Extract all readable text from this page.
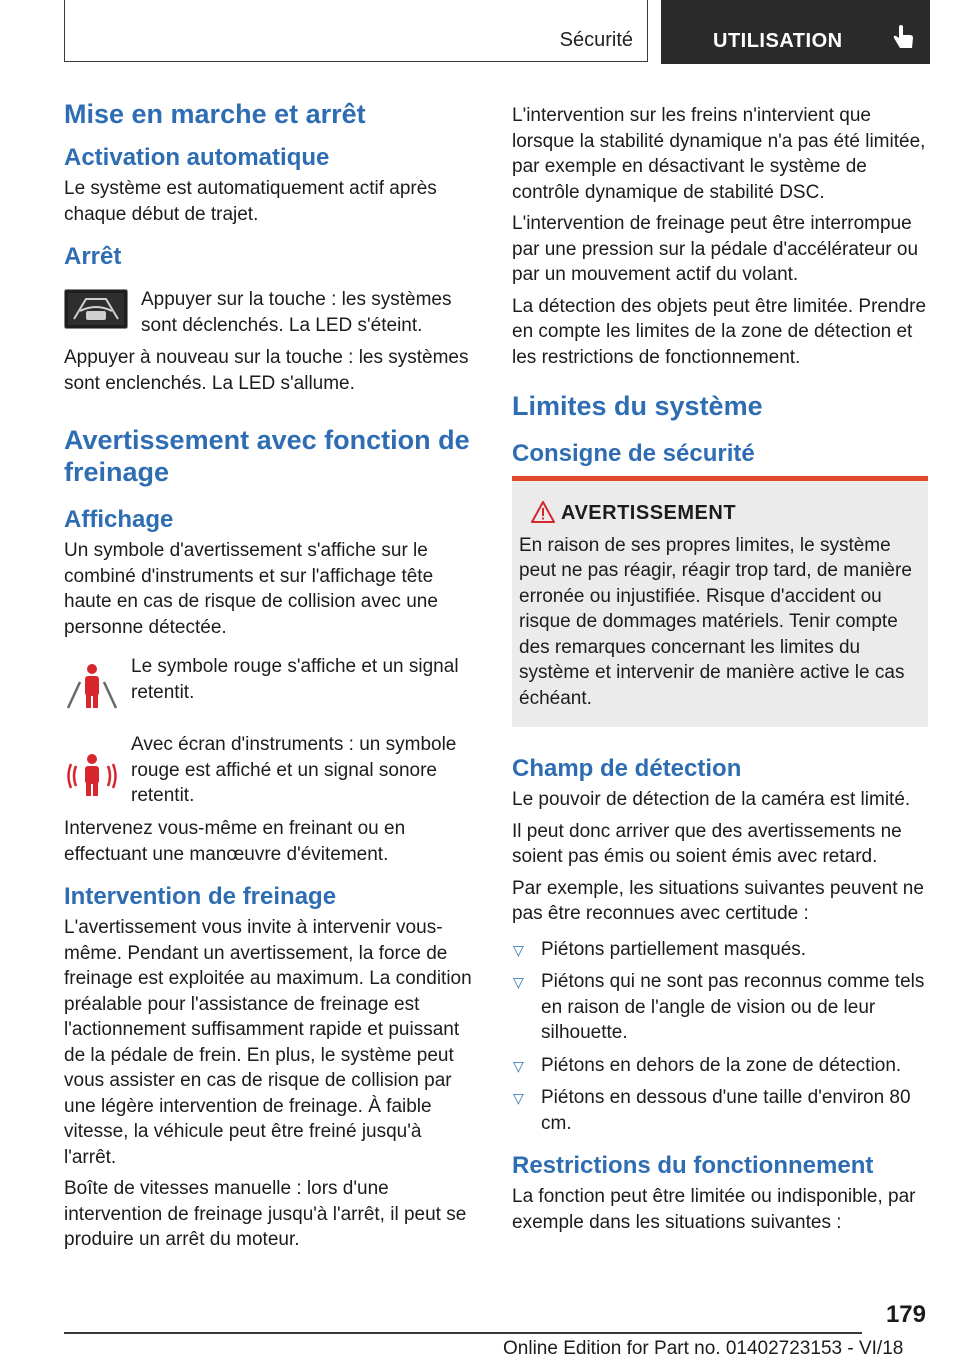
Sécurité	UTILISATION
Mise en marche et arrêt
Activation automatique

Le système est automatiquement actif après chaque début de trajet.

Arrêt

Appuyer sur la touche : les systèmes sont déclenchés. La LED s'éteint.

Appuyer à nouveau sur la touche : les systèmes sont enclenchés. La LED s'allume.

Avertissement avec fonction de freinage
Affichage

Un symbole d'avertissement s'affiche sur le combiné d'instruments et sur l'affichage tête haute en cas de risque de collision avec une personne détectée.

Le symbole rouge s'affiche et un signal retentit.

Avec écran d'instruments : un symbole rouge est affiché et un signal sonore retentit.

Intervenez vous-même en freinant ou en effectuant une manœuvre d'évitement.

Intervention de freinage

L'avertissement vous invite à intervenir vous-même. Pendant un avertissement, la force de freinage est exploitée au maximum. La condition préalable pour l'assistance de freinage est l'actionnement suffisamment rapide et puissant de la pédale de frein. En plus, le système peut vous assister en cas de risque de collision par une légère intervention de freinage. À faible vitesse, la véhicule peut être freiné jusqu'à l'arrêt.

Boîte de vitesses manuelle : lors d'une intervention de freinage jusqu'à l'arrêt, il peut se produire un arrêt du moteur.

L'intervention sur les freins n'intervient que lorsque la stabilité dynamique n'a pas été limitée, par exemple en désactivant le système de contrôle dynamique de stabilité DSC.

L'intervention de freinage peut être interrompue par une pression sur la pédale d'accélérateur ou par un mouvement actif du volant.

La détection des objets peut être limitée. Prendre en compte les limites de la zone de détection et les restrictions de fonctionnement.

Limites du système
Consigne de sécurité
AVERTISSEMENT

En raison de ses propres limites, le système peut ne pas réagir, réagir trop tard, de manière erronée ou injustifiée. Risque d'accident ou risque de dommages matériels. Tenir compte des remarques concernant les limites du système et intervenir de manière active le cas échéant.

Champ de détection

Le pouvoir de détection de la caméra est limité.

Il peut donc arriver que des avertissements ne soient pas émis ou soient émis avec retard.

Par exemple, les situations suivantes peuvent ne pas être reconnues avec certitude :

▽ Piétons partiellement masqués.
▽ Piétons qui ne sont pas reconnus comme tels en raison de l'angle de vision ou de leur silhouette.
▽ Piétons en dehors de la zone de détection.
▽ Piétons en dessous d'une taille d'environ 80 cm.
Restrictions du fonctionnement

La fonction peut être limitée ou indisponible, par exemple dans les situations suivantes :

179
Online Edition for Part no. 01402723153 - VI/18
